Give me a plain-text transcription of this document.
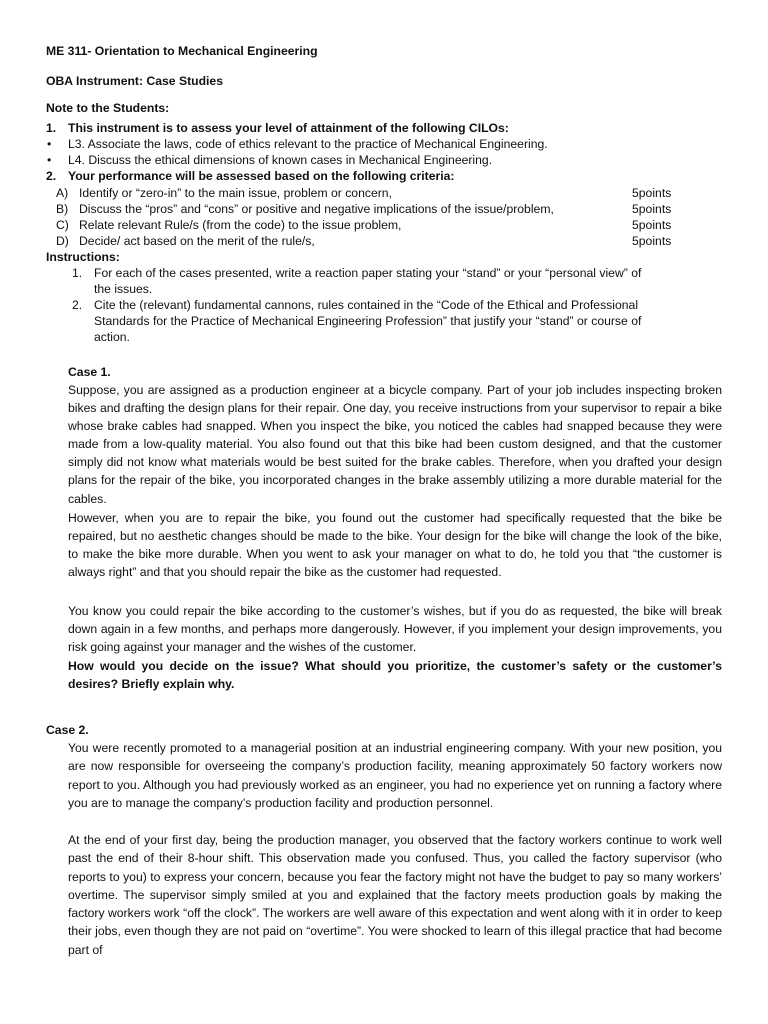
ME 311- Orientation to Mechanical Engineering
OBA Instrument: Case Studies
Note to the Students:
1. This instrument is to assess your level of attainment of the following CILOs:
• L3. Associate the laws, code of ethics relevant to the practice of Mechanical Engineering.
• L4. Discuss the ethical dimensions of known cases in Mechanical Engineering.
2. Your performance will be assessed based on the following criteria:
A) Identify or “zero-in” to the main issue, problem or concern,	5points
B) Discuss the “pros” and “cons” or positive and negative implications of the issue/problem,	5points
C) Relate relevant Rule/s (from the code) to the issue problem,	5points
D) Decide/ act based on the merit of the rule/s,	5points
Instructions:
1. For each of the cases presented, write a reaction paper stating your “stand” or your “personal view” of
the issues.
2. Cite the (relevant) fundamental cannons, rules contained in the “Code of the Ethical and Professional
Standards for the Practice of Mechanical Engineering Profession” that justify your “stand” or course of
action.
Case 1.
Suppose, you are assigned as a production engineer at a bicycle company. Part of your job includes inspecting broken bikes and drafting the design plans for their repair. One day, you receive instructions from your supervisor to repair a bike whose brake cables had snapped. When you inspect the bike, you noticed the cables had snapped because they were made from a low-quality material. You also found out that this bike had been custom designed, and that the customer simply did not know what materials would be best suited for the brake cables. Therefore, when you drafted your design plans for the repair of the bike, you incorporated changes in the brake assembly utilizing a more durable material for the cables.
However, when you are to repair the bike, you found out the customer had specifically requested that the bike be repaired, but no aesthetic changes should be made to the bike. Your design for the bike will change the look of the bike, to make the bike more durable. When you went to ask your manager on what to do, he told you that “the customer is always right” and that you should repair the bike as the customer had requested.
You know you could repair the bike according to the customer’s wishes, but if you do as requested, the bike will break down again in a few months, and perhaps more dangerously. However, if you implement your design improvements, you risk going against your manager and the wishes of the customer.
How would you decide on the issue? What should you prioritize, the customer’s safety or the customer’s desires? Briefly explain why.
Case 2.
You were recently promoted to a managerial position at an industrial engineering company. With your new position, you are now responsible for overseeing the company’s production facility, meaning approximately 50 factory workers now report to you. Although you had previously worked as an engineer, you had no experience yet on running a factory where you are to manage the company’s production facility and production personnel.
At the end of your first day, being the production manager, you observed that the factory workers continue to work well past the end of their 8-hour shift. This observation made you confused. Thus, you called the factory supervisor (who reports to you) to express your concern, because you fear the factory might not have the budget to pay so many workers’ overtime. The supervisor simply smiled at you and explained that the factory meets production goals by making the factory workers work “off the clock”. The workers are well aware of this expectation and went along with it in order to keep their jobs, even though they are not paid on “overtime”. You were shocked to learn of this illegal practice that had become part of
